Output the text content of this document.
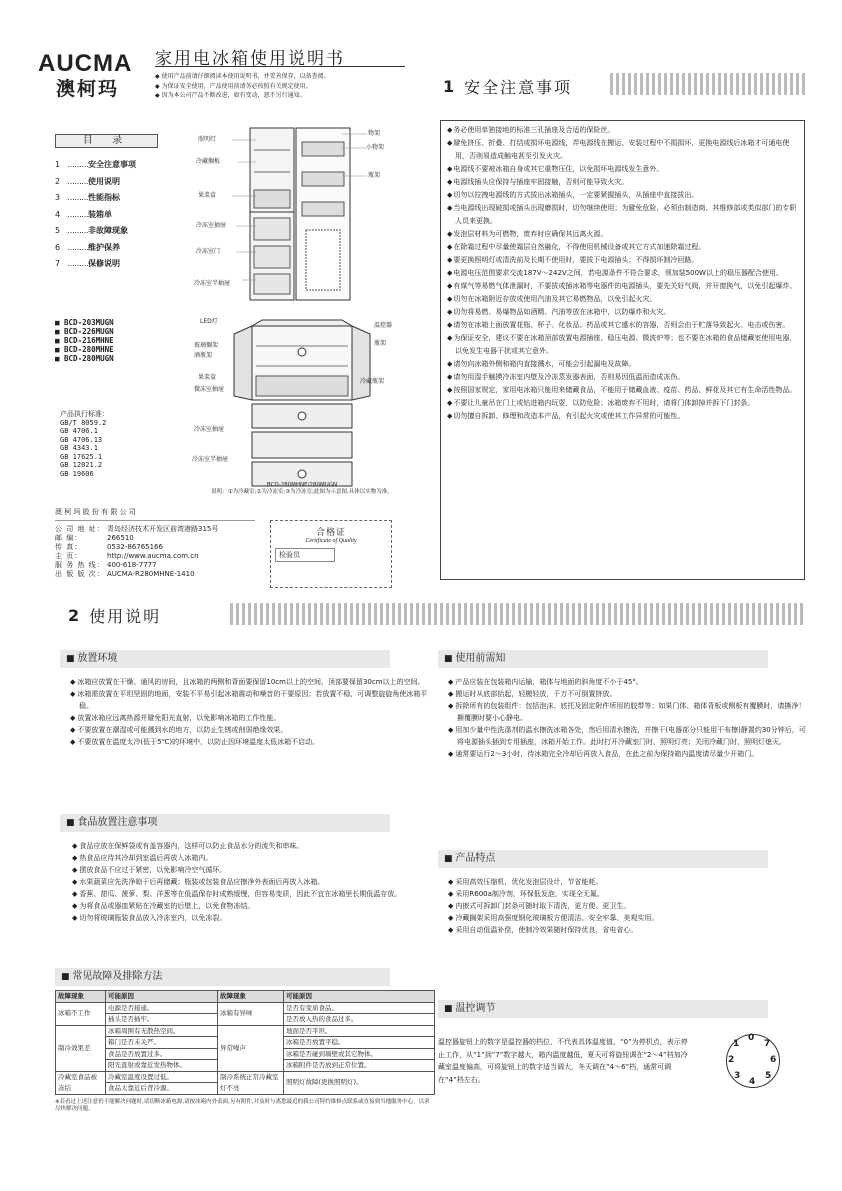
AUCMA
澳柯玛
家用电冰箱使用说明书
◆ 使用产品前请仔细阅读本使用说明书，并妥善保存，以备查阅。
◆ 为保证安全使用，产品使用前请务必按照有关规定使用。
◆ 因为本公司产品不断改进，如有变动，恕不另行通知。
目 录
1 ………安全注意事项
2 ………使用说明
3 ………性能指标
4 ………装箱单
5 ………非故障现象
6 ………维护保养
7 ………保修说明
■ BCD-203MUGN
■ BCD-226MUGN
■ BCD-216MHNE
■ BCD-280MHNE
■ BCD-280MUGN
产品执行标准：
GB/T 8059.2
GB 4706.1
GB 4706.13
GB 4343.1
GB 17625.1
GB 12021.2
GB 19606
澳 柯 玛 股 份 有 限 公 司
公 司 地 址： 青岛经济技术开发区前湾港路315号
邮 编：	266510
传 真：	0532-86765166
主 页：	http://www.aucma.com.cn
服 务 热 线： 400-618-7777
出 版 版 次： AUCMA-R280MHNE-1410
合格证
Certificate of Quality
检验员
照明灯
冷藏搁板
果菜盒
冷冻室抽屉
冷冻室门
冷冻室半抽屉
物架
小物架
瓶架
LED灯
温控器
玻璃搁架
酒瓶架
瓶架
果菜盒
微冻室抽屉
冷冻室抽屉
冷冻室半抽屉
冷藏瓶架
BCD-280MHNE/280MUGN
说明：①为冷藏室;②为冷冻室;③为冷冻室;此图为示意图,具体以实物为准。
1 安全注意事项
◆ 务必使用单独接地的标准三孔插座及合适的保险丝。
◆ 避免挤压、折叠、打结或损坏电源线，弄电源线在搬运、安装过程中不损损坏，更换电源线后冰箱才可通电使用，否则易造成触电甚至引发火灾。
◆ 电源线不要被冰箱自身或其它重物压住，以免损坏电源线发生意外。
◆ 电源线插头应保持与插座牢固接触，否则可能导致火灾。
◆ 切勿以拉拽电源线的方式拔出冰箱插头，一定要紧握插头，从插座中直接拔出。
◆ 当电源线出现破损或插头出现磨损时，切勿继续使用；为避免危险，必须由制造商、其维修部或类似部门的专职人员来更换。
◆ 发泡层材料为可燃物，废弃时应确保其远离火源。
◆ 在除霜过程中尽量使霜层自然融化，不得使用机械设备或其它方式加速除霜过程。
◆ 要更换照明灯或清洗前及长期不使用时，要拔下电源插头；不得损坏制冷回路。
◆ 电源电压范围要求交流187V～242V之间，若电源条件不符合要求，须加装500W以上的稳压器配合使用。
◆ 有煤气等易燃气体泄漏时，不要拔或插冰箱等电器件的电源插头，要先关好气阀，并开窗换气，以免引起爆炸。
◆ 切勿在冰箱附近存放或使用汽油及其它易燃物品，以免引起火灾。
◆ 切勿将易燃、易爆物品如酒精、汽油等放在冰箱中，以防爆炸和火灾。
◆ 请勿在冰箱上面放置花瓶、杯子、化妆品、药品或其它盛水的容器，否则会由于贮落导致起火、电击或伤害。
◆ 为保证安全，建议不要在冰箱顶部放置电源插座、稳压电源、微波炉等；也不要在冰箱的食品储藏室使用电器，以免发生电器干扰或其它意外。
◆ 请勿向冰箱外侧和箱内直接溅水，可能会引起漏电及故障。
◆ 请勿用湿手触摸冷冻室内壁及冷冻蒸发器表面，否则易因低温而造成冻伤。
◆ 按照国家规定，家用电冰箱只能用来储藏食品，不能用于储藏血液、疫苗、药品、鲜花及其它有生命活性物品。
◆ 不要让儿童吊在门上或钻进箱内玩耍，以防危险；冰箱废弃不用时，请将门体卸掉并拆下门封条。
◆ 切勿擅自拆卸、修理和改造本产品，有引起火灾或使其工作异常的可能性。
2 使用说明
■ 放置环境
◆ 冰箱应放置在干燥、通风的房间，且冰箱的两侧和背面要保留10cm以上的空间，顶部要保留30cm以上的空间。
◆ 冰箱需放置在平坦坚固的地面，安装不平易引起冰箱震动和噪音的干要原因；若放置不稳，可调整旋旋角使冰箱平稳。
◆ 放置冰箱应远离热源并避免阳光直射，以免影响冰箱的工作性能。
◆ 不要放置在潮湿或可能溅到水的地方，以防止生锈或削弱绝缘效果。
◆ 不要放置在温度太冷(低于5℃)的环境中，以防止因环境温度太低冰箱不启动。
■ 使用前需知
◆ 产品应装在包装箱内运输，箱体与地面的斜角度不小于45°。
◆ 搬运时从底部抬起，轻搬轻放，千万不可倒置挤放。
◆ 拆除所有的包装组件：包括泡沫、底托及固定附件所用的胶带等；如果门体、箱体背板或侧板有覆膜时，请撕净！撕覆膜时要小心静电。
◆ 用加少量中性洗涤剂的温水擦洗冰箱各处，然后用清水擦洗，并擦干(电器部分只能用干布擦)静置约30分钟后，可将电源插头插到专用插座，冰箱开始工作。此时打开冷藏室门时，照明灯亮；关闭冷藏门时，照明灯熄灭。
◆ 通常要运行2～3小时，待冰箱完全冷却后再放入食品，在此之前为保持箱内温度请尽量少开箱门。
■ 食品放置注意事项
◆ 食品应放在保鲜袋或有盖容器内，这样可以防止食品水分的流失和串味。
◆ 热食品应待其冷却到室温后再放入冰箱内。
◆ 摆放食品不应过于紧密，以免影响冷空气循环。
◆ 水果蔬菜应先洗净晾干后再储藏；瓶装或包装食品应擦净外表面后再放入冰箱。
◆ 香蕉、甜瓜、菠萝、梨、洋葱等在低温保存时成熟缓慢，但容易变质，因此不宜在冰箱里长期低温存放。
◆ 为将食品或器皿紧贴在冷藏室的后壁上，以免食物冻结。
◆ 切勿将玻璃瓶装食品放入冷冻室内，以免冻裂。
■ 产品特点
◆ 采用高效压缩机，优化发泡层设计，节省能耗。
◆ 采用R600a制冷剂，环保低发泡，实现全无氟。
◆ 内嵌式可拆卸门封条可随时取下清洗，更方便、更卫生。
◆ 冷藏搁架采用高强度钢化玻璃板方便清洁、安全牢靠、美观实用。
◆ 采用自动低温补偿，使制冷效果随时保持优良，省电省心。
■ 常见故障及排除方法
故障现象	可能原因	故障现象	可能原因
冰箱不工作	电源是否接通。	冰箱有异味	是否有变质食品。
	插头是否插牢。		是否放入热的食品过多。
制冷效果差	冰箱周围有无散热空间。	异常噪声	地面是否平坦。
	箱门是否未关严。		冰箱是否放置平稳。
	食品是否放置过多。		冰箱是否碰到墙壁或其它物体。
	阳光直射或靠近发热物体。		冰箱附件是否放到正常位置。
冷藏室食品被冻结	冷藏室温度设置过低。	制冷系统正常冷藏室灯不亮	照明灯故障(更换照明灯)。
	食品太靠近后背冷源。		
※若看过上述注意仍不能解决问题时,请切断冰箱电源,请按冰箱内外表面,另有附件,并及时与离您最近的我公司特约维修点联系或直接到当地服务中心，以求尽快解决问题。
■ 温控调节
温控器旋钮上的数字是温控器的档位，不代表具体温度值，“0”为停机点，表示停止工作，从“1”到“7”数字越大，箱内温度越低，夏天可将旋钮调在“2～4”档加冷藏室温度偏高，可将旋钮上的数字适当调大，冬天调在“4～6”档，通常可调在“4”档左右。
0
7
6
5
4
3
2
1
